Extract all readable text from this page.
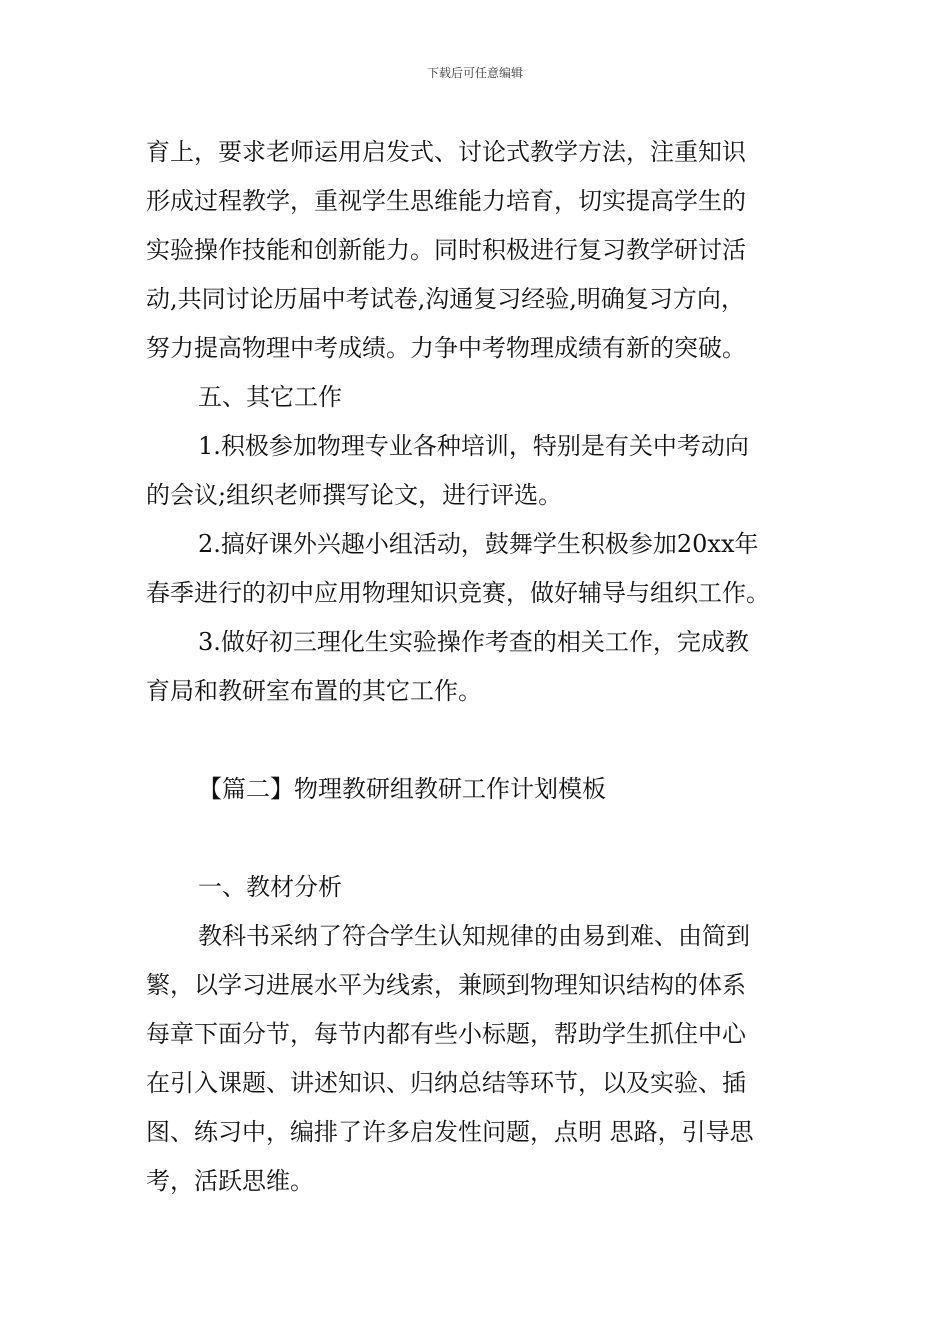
下载后可任意编辑
育上，要求老师运用启发式、讨论式教学方法，注重知识
形成过程教学，重视学生思维能力培育，切实提高学生的
实验操作技能和创新能力。同时积极进行复习教学研讨活
动,共同讨论历届中考试卷,沟通复习经验,明确复习方向，
努力提高物理中考成绩。力争中考物理成绩有新的突破。
五、其它工作
1.积极参加物理专业各种培训，特别是有关中考动向
的会议;组织老师撰写论文，进行评选。
2.搞好课外兴趣小组活动，鼓舞学生积极参加20xx年
春季进行的初中应用物理知识竞赛，做好辅导与组织工作。
3.做好初三理化生实验操作考查的相关工作，完成教
育局和教研室布置的其它工作。
【篇二】物理教研组教研工作计划模板
一、教材分析
教科书采纳了符合学生认知规律的由易到难、由简到
繁，以学习进展水平为线索，兼顾到物理知识结构的体系
每章下面分节，每节内都有些小标题，帮助学生抓住中心
在引入课题、讲述知识、归纳总结等环节，以及实验、插
图、练习中，编排了许多启发性问题，点明 思路，引导思
考，活跃思维。
